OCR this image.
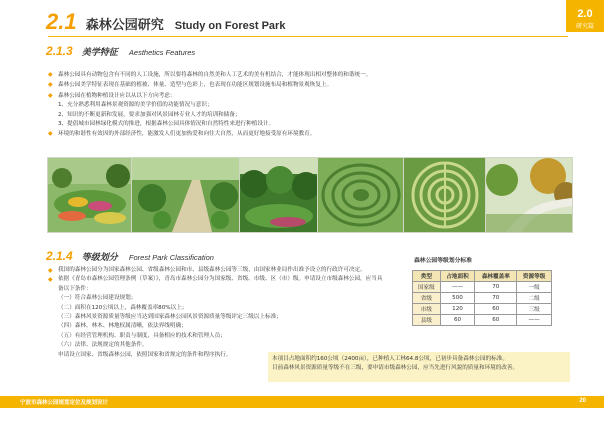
2.0
研究篇
2.1 森林公园研究 Study on Forest Park
2.1.3 美学特征 Aesthetics Features
◆ 森林公园具有动物包含有不同的人工设施，所以要将森林的自然美和人工艺术的美有机结合，才能体现出相对整体的和谐统一。
◆ 森林公园美学特征表现在基础的植被、体量、造型与色彩上，也表现在功能区规划设施布局和植物景观恢复上。
◆ 森林公园在植物种植设计应以从以下方向考虑：
1、充分熟悉利用森林景观资源的美学价值的功能情况与意识；
2、知识的不断更新和发展，要求加强对风景园林专业人才的培训和储备；
3、提倡城市园林绿化模式的推进，根据森林公园具体情况和自然特性来进行种植设计。
◆ 环境的和谐性有效因的外部经济性，能激发人们更加热爱和向往大自然，从而更好地接受原有环境教育。
2.1.4 等级划分 Forest Park Classification
◆ 我国的森林公园分为国家森林公园、省级森林公园和市、县级森林公园等三级，由国家林业局作出准予设立的行政许可决定。
◆ 依据《青岛市森林公园管理条例（草案）》，青岛市森林公园分为国家级、省级、市级、区（市）级。申请设立市级森林公园，应当具备以下条件：
（一）符合森林公园建设规划；
（二）面积在120公顷以上，森林覆盖率80%以上；
（三）森林风景资源质量等级应当达到国家森林公园风景资源质量等级评定三级以上标准；
（四）森林、林木、林地权属清晰，依法界线明确；
（五）有经营管理机构、职责与制度，具备相应的技术和管理人员；
（六）法律、法规规定的其他条件。
申请设立国家、省级森林公园，依照国家和省规定的条件和程序执行。
森林公园等级划分标准
类型	占地面积	森林覆盖率	资源等级
国家级	——	70	一级
省级	500	70	二级
市级	120	60	三级
县级	60	60	——
本项目占地面积约160公顷（2400亩），已种植人工林64.8公顷，已初步具备森林公园的标准。
目前森林风景资源质量等级不在三级，要申请市级森林公园，应当先进行风貌的质量和环境的改善。
宁波市森林公园规划定位及规划设计	20
